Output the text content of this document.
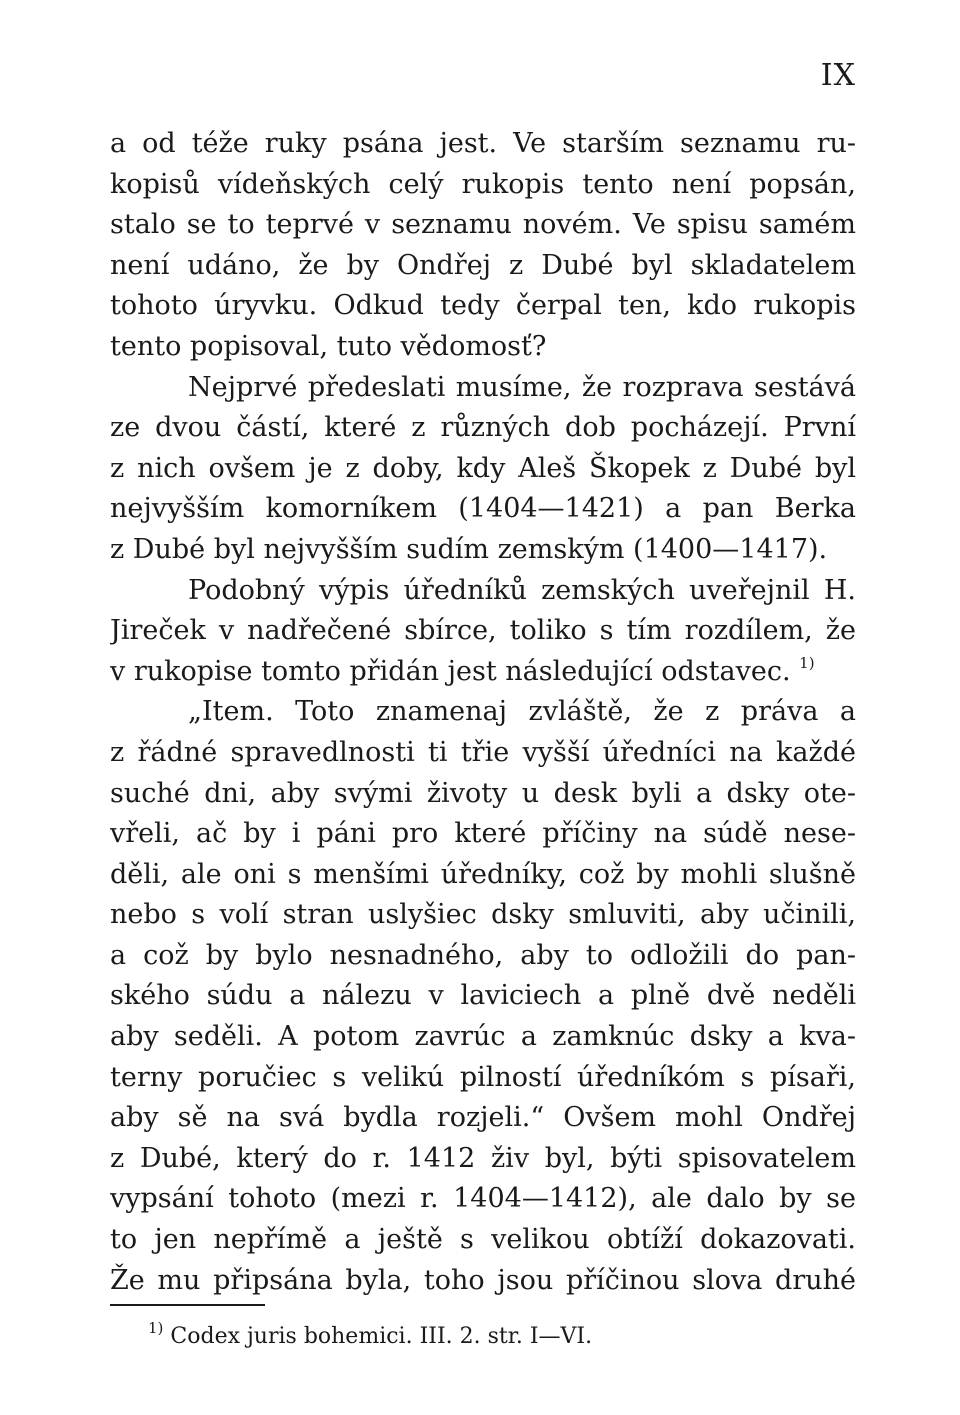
IX
a od téže ruky psána jest. Ve starším seznamu ru-
kopisů vídeňských celý rukopis tento není popsán,
stalo se to teprvé v seznamu novém. Ve spisu samém
není udáno, že by Ondřej z Dubé byl skladatelem
tohoto úryvku. Odkud tedy čerpal ten, kdo rukopis
tento popisoval, tuto vědomosť?
Nejprvé předeslati musíme, že rozprava sestává
ze dvou částí, které z různých dob pocházejí. První
z nich ovšem je z doby, kdy Aleš Škopek z Dubé byl
nejvyšším komorníkem (1404—1421) a pan Berka
z Dubé byl nejvyšším sudím zemským (1400—1417).
Podobný výpis úředníků zemských uveřejnil H.
Jireček v nadřečené sbírce, toliko s tím rozdílem, že
v rukopise tomto přidán jest následující odstavec. $^{1)}$
„Item. Toto znamenaj zvláště, že z práva a
z řádné spravedlnosti ti třie vyšší úředníci na každé
suché dni, aby svými životy u desk byli a dsky ote-
vřeli, ač by i páni pro které příčiny na súdě nese-
děli, ale oni s menšími úředníky, což by mohli slušně
nebo s volí stran uslyšiec dsky smluviti, aby učinili,
a což by bylo nesnadného, aby to odložili do pan-
ského súdu a nálezu v laviciech a plně dvě neděli
aby seděli. A potom zavrúc a zamknúc dsky a kva-
terny poručiec s velikú pilností úředníkóm s písaři,
aby sě na svá bydla rozjeli.“ Ovšem mohl Ondřej
z Dubé, který do r. 1412 živ byl, býti spisovatelem
vypsání tohoto (mezi r. 1404—1412), ale dalo by se
to jen nepřímě a ještě s velikou obtíží dokazovati.
Že mu připsána byla, toho jsou příčinou slova druhé
$^{1)}$ Codex juris bohemici. III. 2. str. I—VI.
